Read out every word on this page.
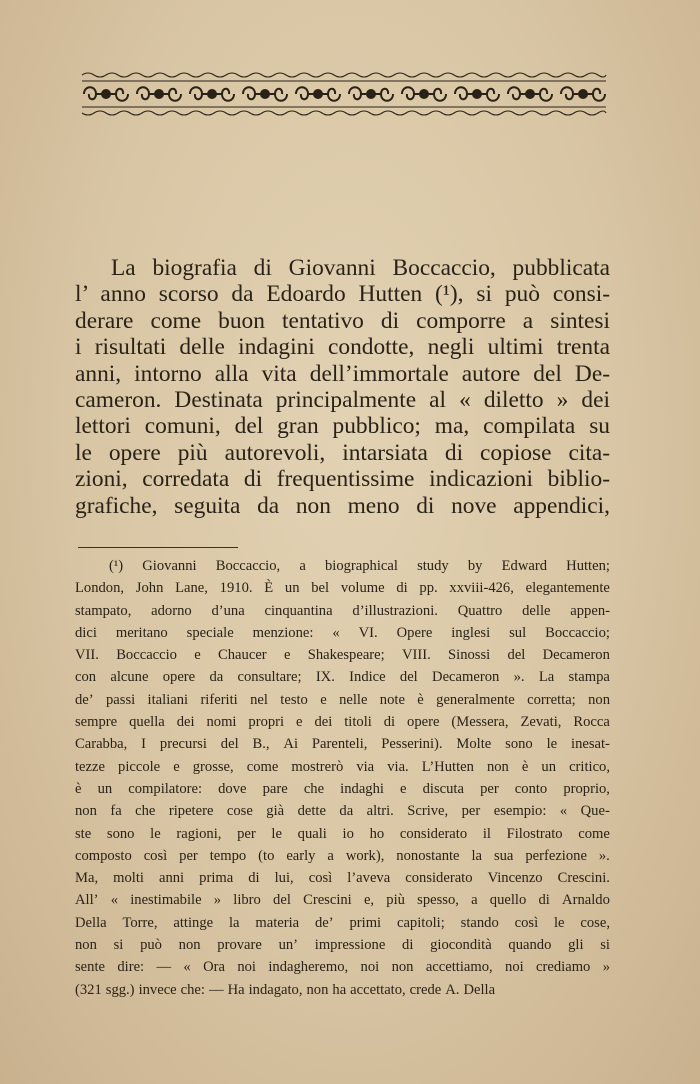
La biografia di Giovanni Boccaccio, pubblicata
l’ anno scorso da Edoardo Hutten (¹), si può consi-
derare come buon tentativo di comporre a sintesi
i risultati delle indagini condotte, negli ultimi trenta
anni, intorno alla vita dell’immortale autore del De-
cameron. Destinata principalmente al « diletto » dei
lettori comuni, del gran pubblico; ma, compilata su
le opere più autorevoli, intarsiata di copiose cita-
zioni, corredata di frequentissime indicazioni biblio-
grafiche, seguita da non meno di nove appendici,
(¹) Giovanni Boccaccio, a biographical study by Edward Hutten;
London, John Lane, 1910. È un bel volume di pp. xxviii-426, elegantemente
stampato, adorno d’una cinquantina d’illustrazioni. Quattro delle appen-
dici meritano speciale menzione: « VI. Opere inglesi sul Boccaccio;
VII. Boccaccio e Chaucer e Shakespeare; VIII. Sinossi del Decameron
con alcune opere da consultare; IX. Indice del Decameron ». La stampa
de’ passi italiani riferiti nel testo e nelle note è generalmente corretta; non
sempre quella dei nomi propri e dei titoli di opere (Messera, Zevati, Rocca
Carabba, I precursi del B., Ai Parenteli, Pesserini). Molte sono le inesat-
tezze piccole e grosse, come mostrerò via via. L’Hutten non è un critico,
è un compilatore: dove pare che indaghi e discuta per conto proprio,
non fa che ripetere cose già dette da altri. Scrive, per esempio: « Que-
ste sono le ragioni, per le quali io ho considerato il Filostrato come
composto così per tempo (to early a work), nonostante la sua perfezione ».
Ma, molti anni prima di lui, così l’aveva considerato Vincenzo Crescini.
All’ « inestimabile » libro del Crescini e, più spesso, a quello di Arnaldo
Della Torre, attinge la materia de’ primi capitoli; stando così le cose,
non si può non provare un’ impressione di giocondità quando gli si
sente dire: — « Ora noi indagheremo, noi non accettiamo, noi crediamo »
(321 sgg.) invece che: — Ha indagato, non ha accettato, crede A. Della
